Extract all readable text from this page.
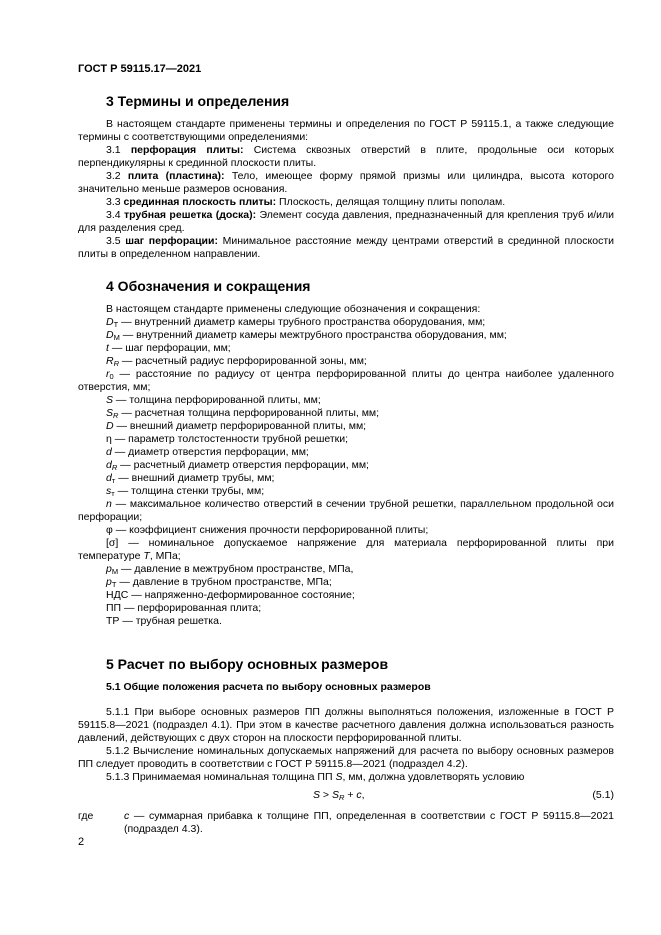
ГОСТ Р 59115.17—2021
3 Термины и определения
В настоящем стандарте применены термины и определения по ГОСТ Р 59115.1, а также следующие термины с соответствующими определениями:
3.1 перфорация плиты: Система сквозных отверстий в плите, продольные оси которых перпендикулярны к срединной плоскости плиты.
3.2 плита (пластина): Тело, имеющее форму прямой призмы или цилиндра, высота которого значительно меньше размеров основания.
3.3 срединная плоскость плиты: Плоскость, делящая толщину плиты пополам.
3.4 трубная решетка (доска): Элемент сосуда давления, предназначенный для крепления труб и/или для разделения сред.
3.5 шаг перфорации: Минимальное расстояние между центрами отверстий в срединной плоскости плиты в определенном направлении.
4 Обозначения и сокращения
В настоящем стандарте применены следующие обозначения и сокращения:
$D_Т$ — внутренний диаметр камеры трубного пространства оборудования, мм;
$D_М$ — внутренний диаметр камеры межтрубного пространства оборудования, мм;
t — шаг перфорации, мм;
$R_R$ — расчетный радиус перфорированной зоны, мм;
$r_0$ — расстояние по радиусу от центра перфорированной плиты до центра наиболее удаленного отверстия, мм;
S — толщина перфорированной плиты, мм;
$S_R$ — расчетная толщина перфорированной плиты, мм;
D — внешний диаметр перфорированной плиты, мм;
η — параметр толстостенности трубной решетки;
d — диаметр отверстия перфорации, мм;
$d_R$ — расчетный диаметр отверстия перфорации, мм;
$d_т$ — внешний диаметр трубы, мм;
$s_т$ — толщина стенки трубы, мм;
n — максимальное количество отверстий в сечении трубной решетки, параллельном продольной оси перфорации;
φ — коэффициент снижения прочности перфорированной плиты;
[σ] — номинальное допускаемое напряжение для материала перфорированной плиты при температуре T, МПа;
$p_М$ — давление в межтрубном пространстве, МПа,
$p_Т$ — давление в трубном пространстве, МПа;
НДС — напряженно-деформированное состояние;
ПП — перфорированная плита;
ТР — трубная решетка.
5 Расчет по выбору основных размеров
5.1 Общие положения расчета по выбору основных размеров
5.1.1 При выборе основных размеров ПП должны выполняться положения, изложенные в ГОСТ Р 59115.8—2021 (подраздел 4.1). При этом в качестве расчетного давления должна использоваться разность давлений, действующих с двух сторон на плоскости перфорированной плиты.
5.1.2 Вычисление номинальных допускаемых напряжений для расчета по выбору основных размеров ПП следует проводить в соответствии с ГОСТ Р 59115.8—2021 (подраздел 4.2).
5.1.3 Принимаемая номинальная толщина ПП S, мм, должна удовлетворять условию
$S > S_R + c$,	(5.1)
где	c — суммарная прибавка к толщине ПП, определенная в соответствии с ГОСТ Р 59115.8—2021 (подраздел 4.3).
2
